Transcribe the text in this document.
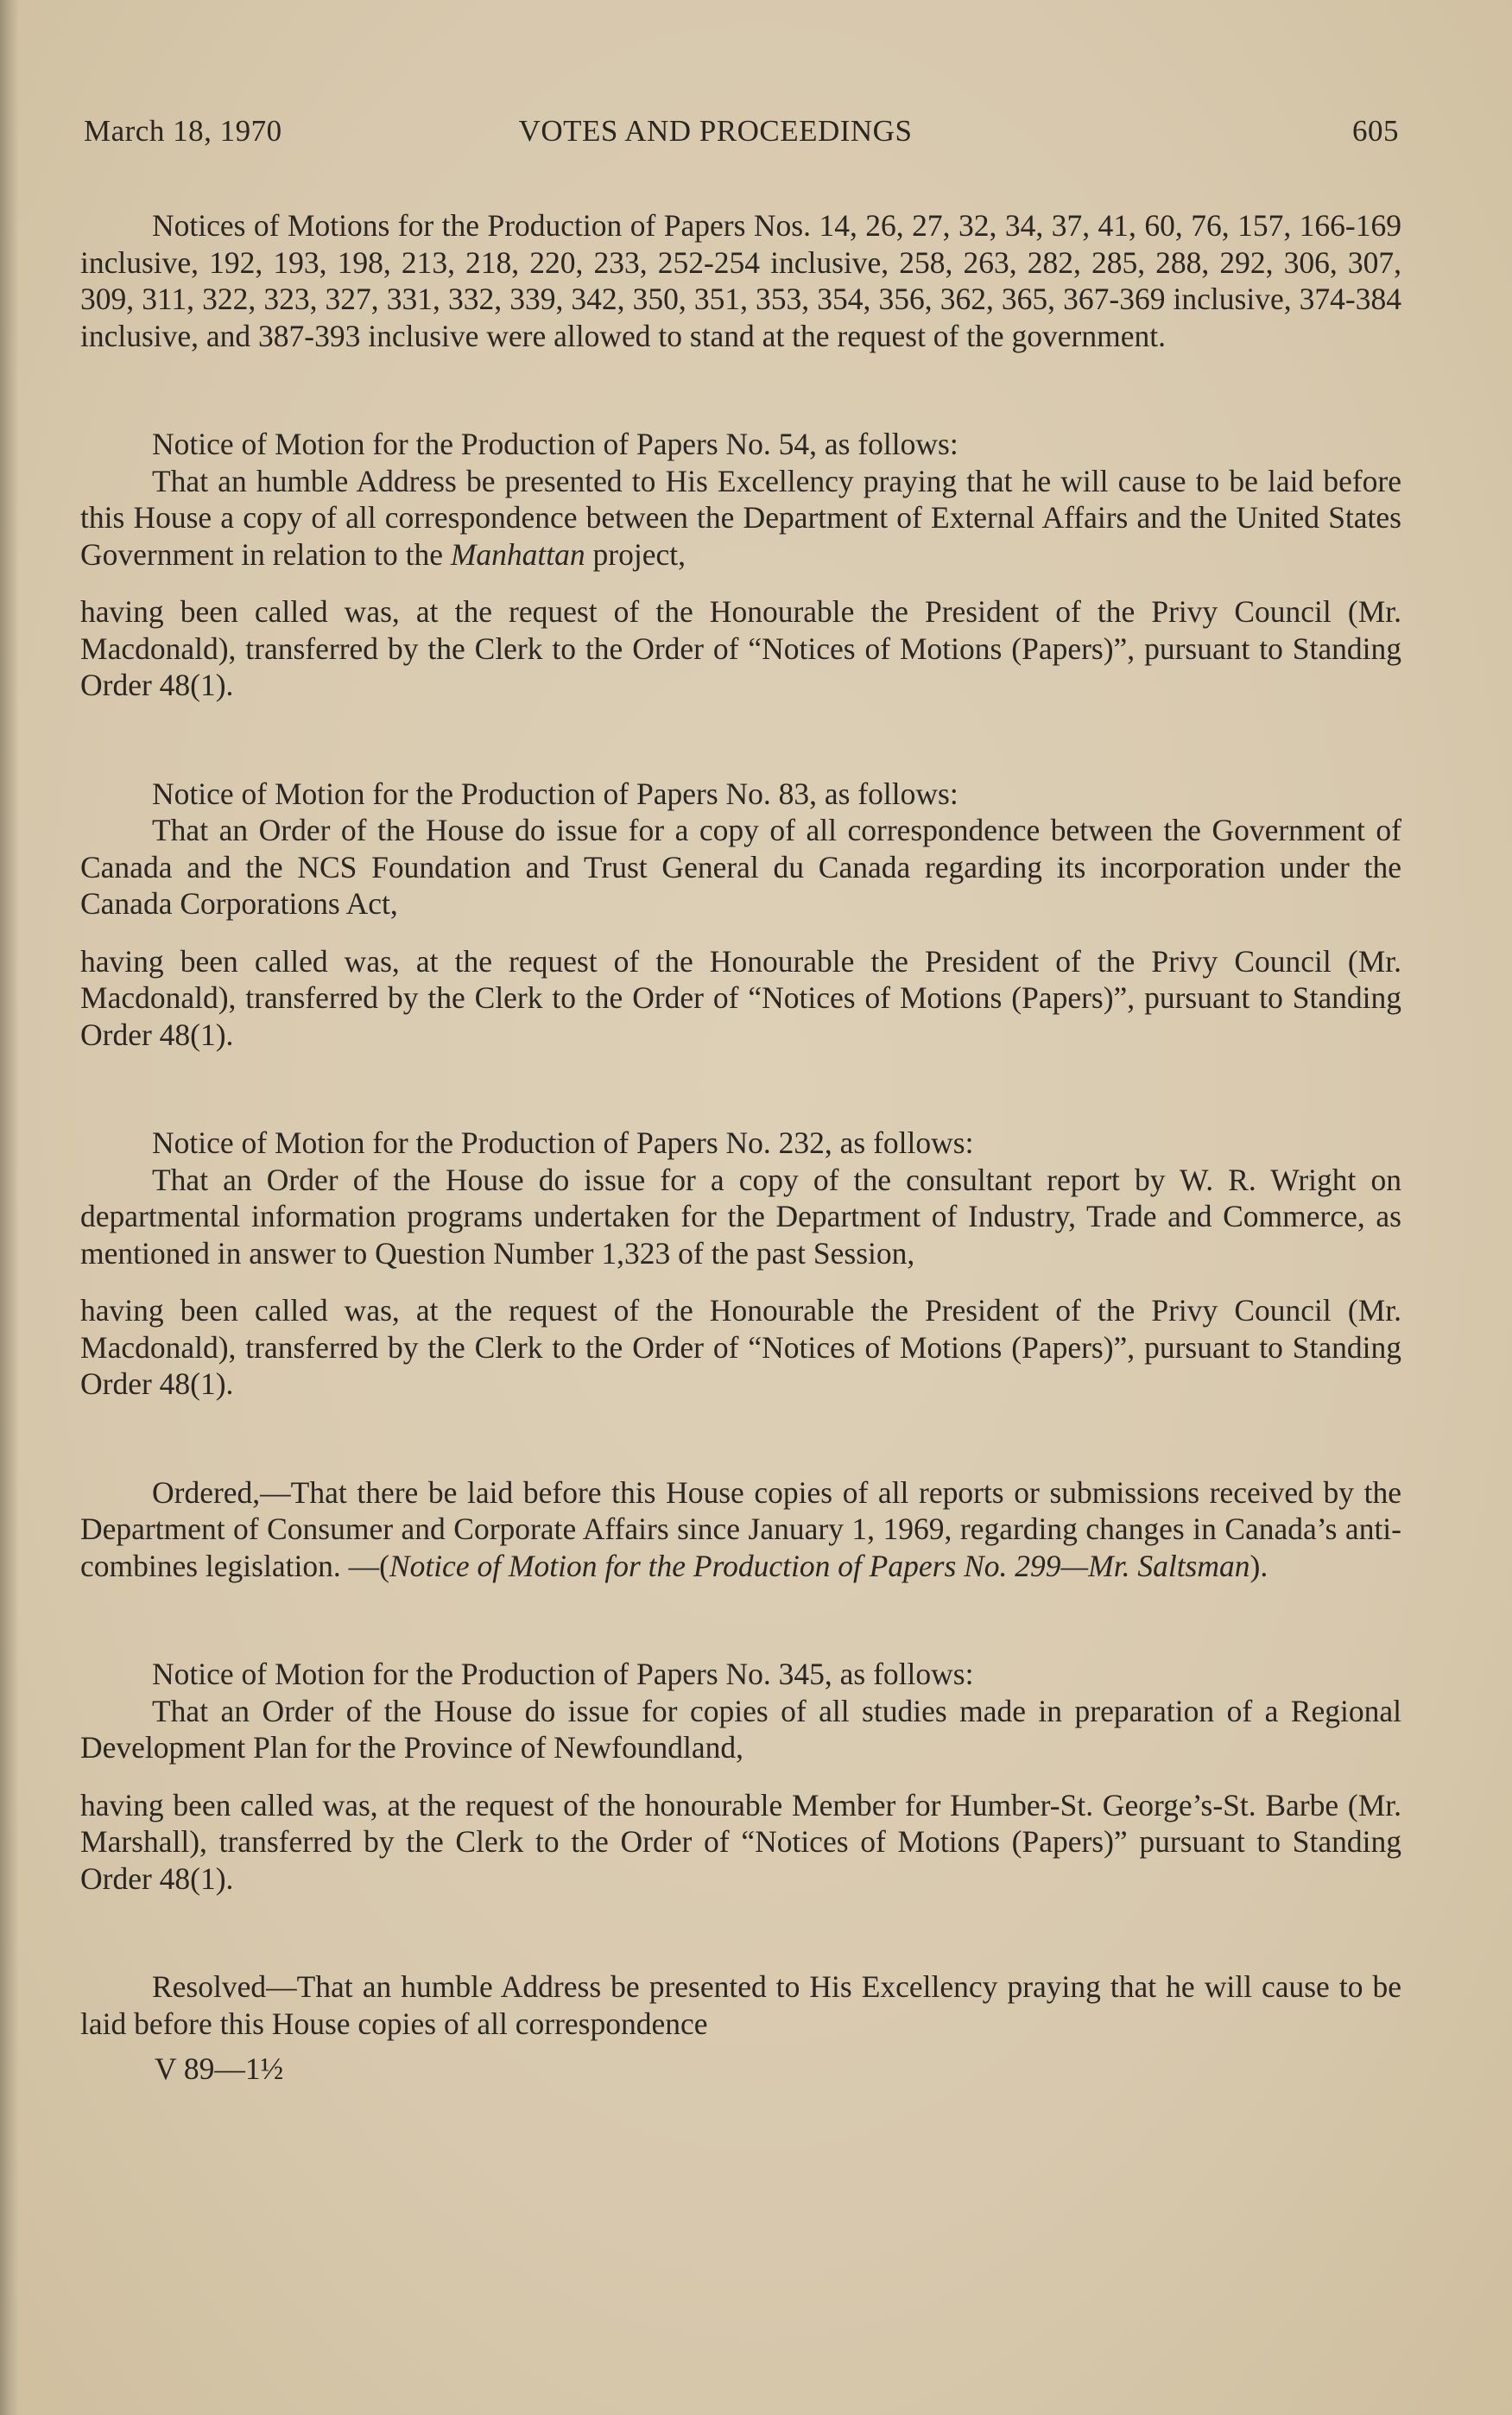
March 18, 1970	VOTES AND PROCEEDINGS	605

Notices of Motions for the Production of Papers Nos. 14, 26, 27, 32, 34, 37, 41, 60, 76, 157, 166-169 inclusive, 192, 193, 198, 213, 218, 220, 233, 252-254 inclusive, 258, 263, 282, 285, 288, 292, 306, 307, 309, 311, 322, 323, 327, 331, 332, 339, 342, 350, 351, 353, 354, 356, 362, 365, 367-369 inclusive, 374-384 inclusive, and 387-393 inclusive were allowed to stand at the request of the government.

Notice of Motion for the Production of Papers No. 54, as follows:

That an humble Address be presented to His Excellency praying that he will cause to be laid before this House a copy of all correspondence between the Department of External Affairs and the United States Government in relation to the Manhattan project,

having been called was, at the request of the Honourable the President of the Privy Council (Mr. Macdonald), transferred by the Clerk to the Order of “Notices of Motions (Papers)”, pursuant to Standing Order 48(1).

Notice of Motion for the Production of Papers No. 83, as follows:

That an Order of the House do issue for a copy of all correspondence between the Government of Canada and the NCS Foundation and Trust General du Canada regarding its incorporation under the Canada Corporations Act,

having been called was, at the request of the Honourable the President of the Privy Council (Mr. Macdonald), transferred by the Clerk to the Order of “Notices of Motions (Papers)”, pursuant to Standing Order 48(1).

Notice of Motion for the Production of Papers No. 232, as follows:

That an Order of the House do issue for a copy of the consultant report by W. R. Wright on departmental information programs undertaken for the Department of Industry, Trade and Commerce, as mentioned in answer to Question Number 1,323 of the past Session,

having been called was, at the request of the Honourable the President of the Privy Council (Mr. Macdonald), transferred by the Clerk to the Order of “Notices of Motions (Papers)”, pursuant to Standing Order 48(1).

Ordered,—That there be laid before this House copies of all reports or submissions received by the Department of Consumer and Corporate Affairs since January 1, 1969, regarding changes in Canada’s anti-combines legislation. —(Notice of Motion for the Production of Papers No. 299—Mr. Saltsman).

Notice of Motion for the Production of Papers No. 345, as follows:

That an Order of the House do issue for copies of all studies made in preparation of a Regional Development Plan for the Province of Newfoundland,

having been called was, at the request of the honourable Member for Humber-St. George’s-St. Barbe (Mr. Marshall), transferred by the Clerk to the Order of “Notices of Motions (Papers)” pursuant to Standing Order 48(1).

Resolved—That an humble Address be presented to His Excellency praying that he will cause to be laid before this House copies of all correspondence

V 89—1½
